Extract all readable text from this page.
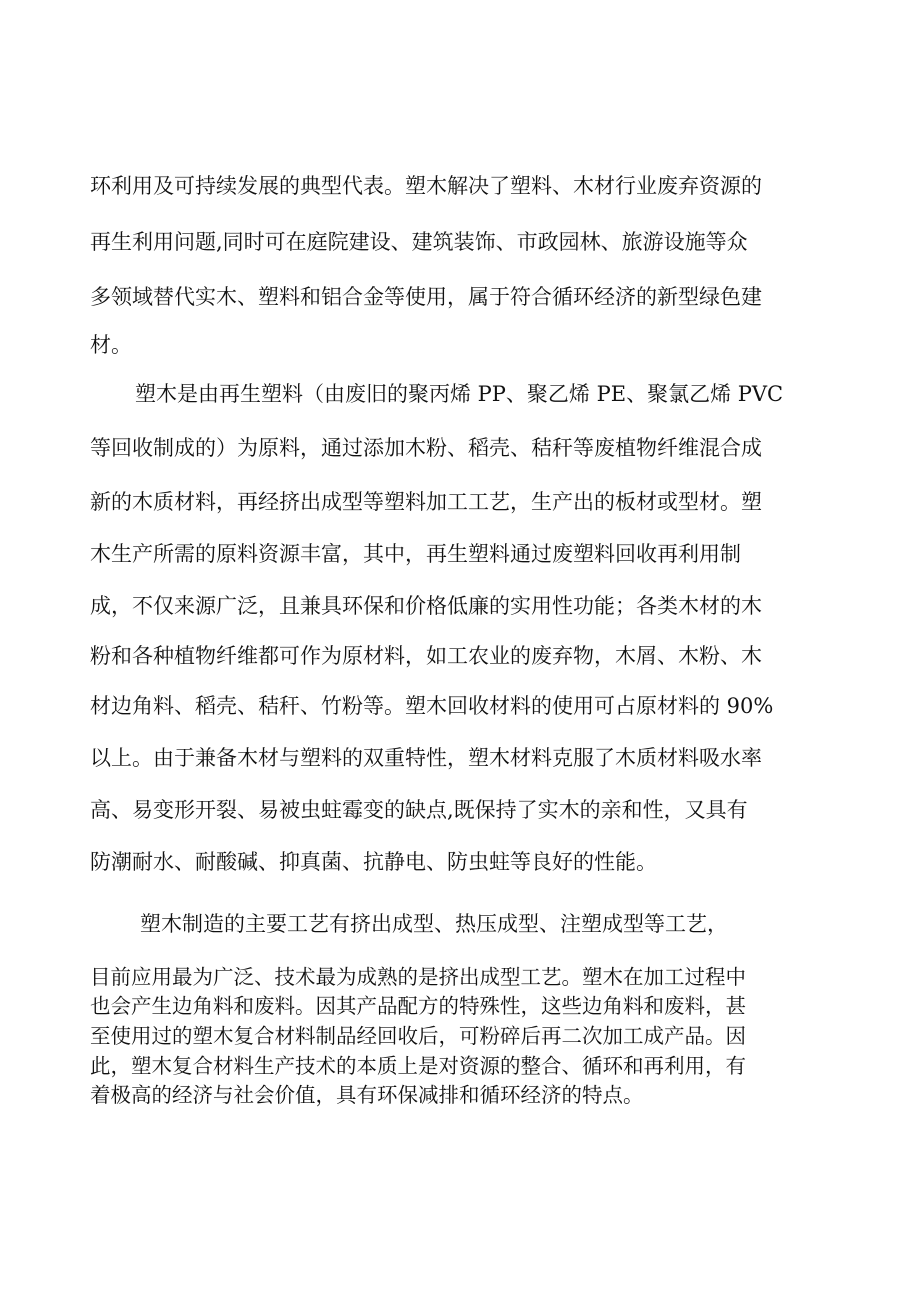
环利用及可持续发展的典型代表。塑木解决了塑料、木材行业废弃资源的

再生利用问题,同时可在庭院建设、建筑装饰、市政园林、旅游设施等众

多领域替代实木、塑料和铝合金等使用，属于符合循环经济的新型绿色建

材。

塑木是由再生塑料（由废旧的聚丙烯 PP、聚乙烯 PE、聚氯乙烯 PVC

等回收制成的）为原料，通过添加木粉、稻壳、秸秆等废植物纤维混合成

新的木质材料，再经挤出成型等塑料加工工艺，生产出的板材或型材。塑

木生产所需的原料资源丰富，其中，再生塑料通过废塑料回收再利用制

成，不仅来源广泛，且兼具环保和价格低廉的实用性功能；各类木材的木

粉和各种植物纤维都可作为原材料，如工农业的废弃物，木屑、木粉、木

材边角料、稻壳、秸秆、竹粉等。塑木回收材料的使用可占原材料的 90%

以上。由于兼备木材与塑料的双重特性，塑木材料克服了木质材料吸水率

高、易变形开裂、易被虫蛀霉变的缺点,既保持了实木的亲和性，又具有

防潮耐水、耐酸碱、抑真菌、抗静电、防虫蛀等良好的性能。

塑木制造的主要工艺有挤出成型、热压成型、注塑成型等工艺，

目前应用最为广泛、技术最为成熟的是挤出成型工艺。塑木在加工过程中

也会产生边角料和废料。因其产品配方的特殊性，这些边角料和废料，甚

至使用过的塑木复合材料制品经回收后，可粉碎后再二次加工成产品。因

此，塑木复合材料生产技术的本质上是对资源的整合、循环和再利用，有

着极高的经济与社会价值，具有环保减排和循环经济的特点。
